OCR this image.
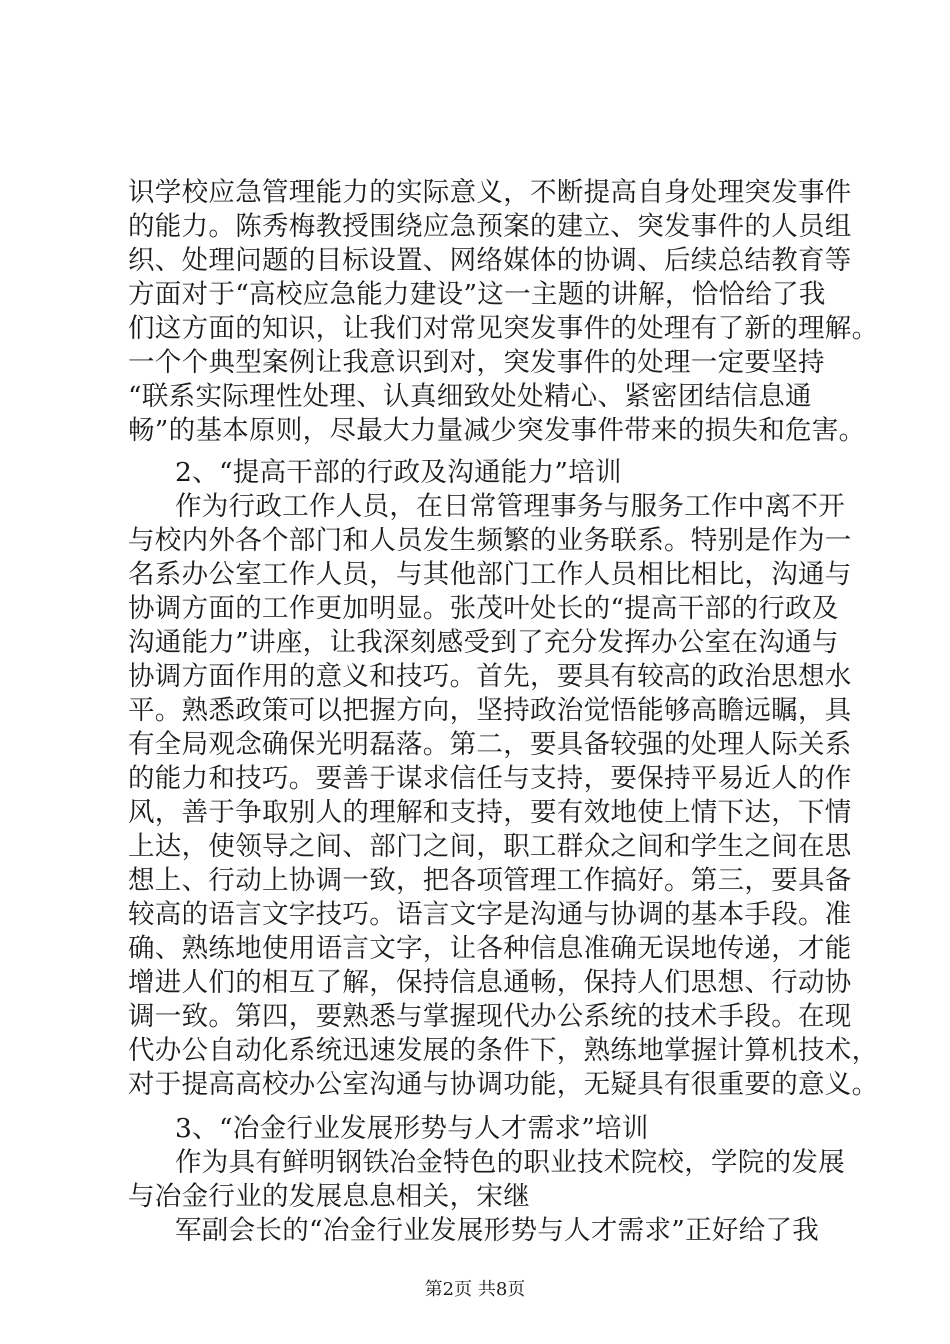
识学校应急管理能力的实际意义，不断提高自身处理突发事件
的能力。陈秀梅教授围绕应急预案的建立、突发事件的人员组
织、处理问题的目标设置、网络媒体的协调、后续总结教育等
方面对于“高校应急能力建设”这一主题的讲解，恰恰给了我
们这方面的知识，让我们对常见突发事件的处理有了新的理解。
一个个典型案例让我意识到对，突发事件的处理一定要坚持
“联系实际理性处理、认真细致处处精心、紧密团结信息通
畅”的基本原则，尽最大力量减少突发事件带来的损失和危害。
2、“提高干部的行政及沟通能力”培训
作为行政工作人员，在日常管理事务与服务工作中离不开
与校内外各个部门和人员发生频繁的业务联系。特别是作为一
名系办公室工作人员，与其他部门工作人员相比相比，沟通与
协调方面的工作更加明显。张茂叶处长的“提高干部的行政及
沟通能力”讲座，让我深刻感受到了充分发挥办公室在沟通与
协调方面作用的意义和技巧。首先，要具有较高的政治思想水
平。熟悉政策可以把握方向，坚持政治觉悟能够高瞻远瞩，具
有全局观念确保光明磊落。第二，要具备较强的处理人际关系
的能力和技巧。要善于谋求信任与支持，要保持平易近人的作
风，善于争取别人的理解和支持，要有效地使上情下达，下情
上达，使领导之间、部门之间，职工群众之间和学生之间在思
想上、行动上协调一致，把各项管理工作搞好。第三，要具备
较高的语言文字技巧。语言文字是沟通与协调的基本手段。准
确、熟练地使用语言文字，让各种信息准确无误地传递，才能
增进人们的相互了解，保持信息通畅，保持人们思想、行动协
调一致。第四，要熟悉与掌握现代办公系统的技术手段。在现
代办公自动化系统迅速发展的条件下，熟练地掌握计算机技术，
对于提高高校办公室沟通与协调功能，无疑具有很重要的意义。
3、“冶金行业发展形势与人才需求”培训
作为具有鲜明钢铁冶金特色的职业技术院校，学院的发展
与冶金行业的发展息息相关，宋继
军副会长的“冶金行业发展形势与人才需求”正好给了我
第2页 共8页
